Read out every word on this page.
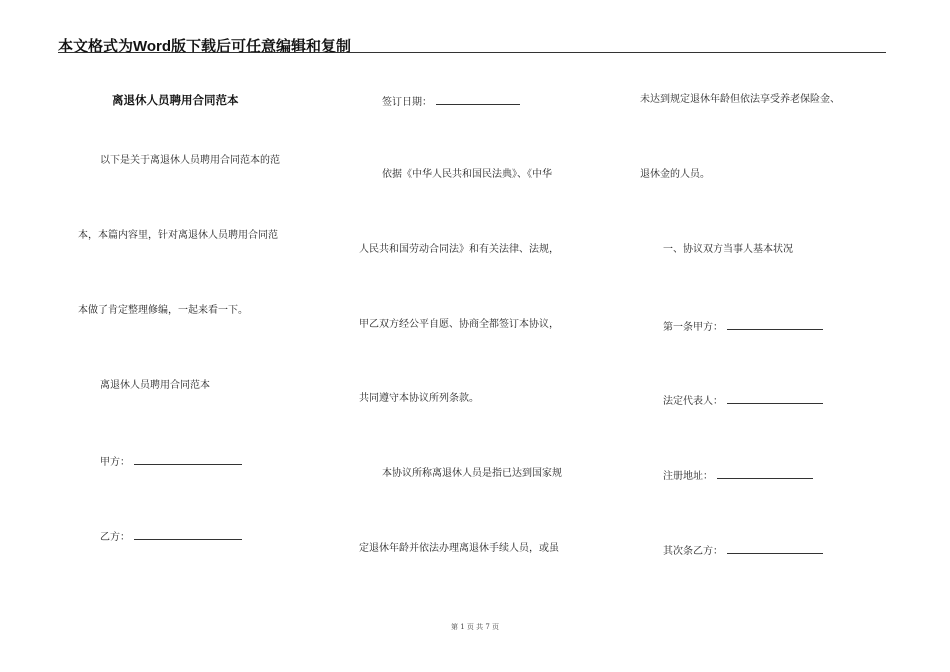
本文格式为Word版下载后可任意编辑和复制
离退休人员聘用合同范本
以下是关于离退休人员聘用合同范本的范
本，本篇内容里，针对离退休人员聘用合同范
本做了肯定整理修编，一起来看一下。
离退休人员聘用合同范本
甲方：
乙方：
签订日期：
依据《中华人民共和国民法典》、《中华
人民共和国劳动合同法》和有关法律、法规，
甲乙双方经公平自愿、协商全都签订本协议，
共同遵守本协议所列条款。
本协议所称离退休人员是指已达到国家规
定退休年龄并依法办理离退休手续人员，或虽
未达到规定退休年龄但依法享受养老保险金、
退休金的人员。
一、协议双方当事人基本状况
第一条甲方：
法定代表人：
注册地址：
其次条乙方：
第 1 页 共 7 页
